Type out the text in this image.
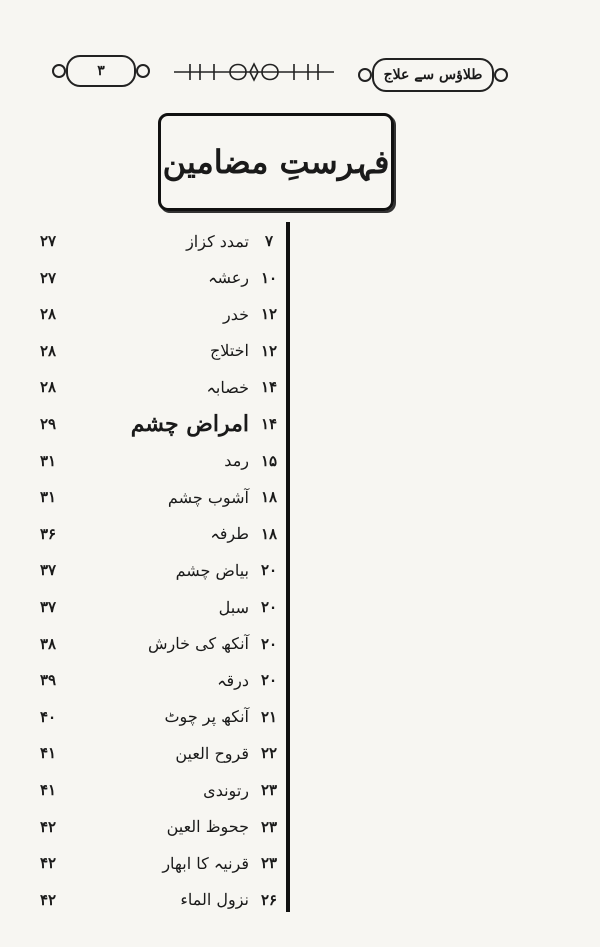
۳	طلاؤس سے علاج
فہرستِ مضامین
۷
تمدد کزاز
۲۷
۱۰
رعشہ
۲۷
۱۲
خدر
۲۸
۱۲
اختلاج
۲۸
۱۴
خصابہ
۲۸
۱۴
امراض چشم
۲۹
۱۵
رمد
۳۱
۱۸
آشوب چشم
۳۱
۱۸
طرفہ
۳۶
۲۰
بیاض چشم
۳۷
۲۰
سبل
۳۷
۲۰
آنکھ کی خارش
۳۸
۲۰
درقہ
۳۹
۲۱
آنکھ پر چوٹ
۴۰
۲۲
قروح العین
۴۱
۲۳
رتوندی
۴۱
۲۳
جحوظ العین
۴۲
۲۳
قرنیہ کا ابھار
۴۲
۲۶
نزول الماء
۴۲
